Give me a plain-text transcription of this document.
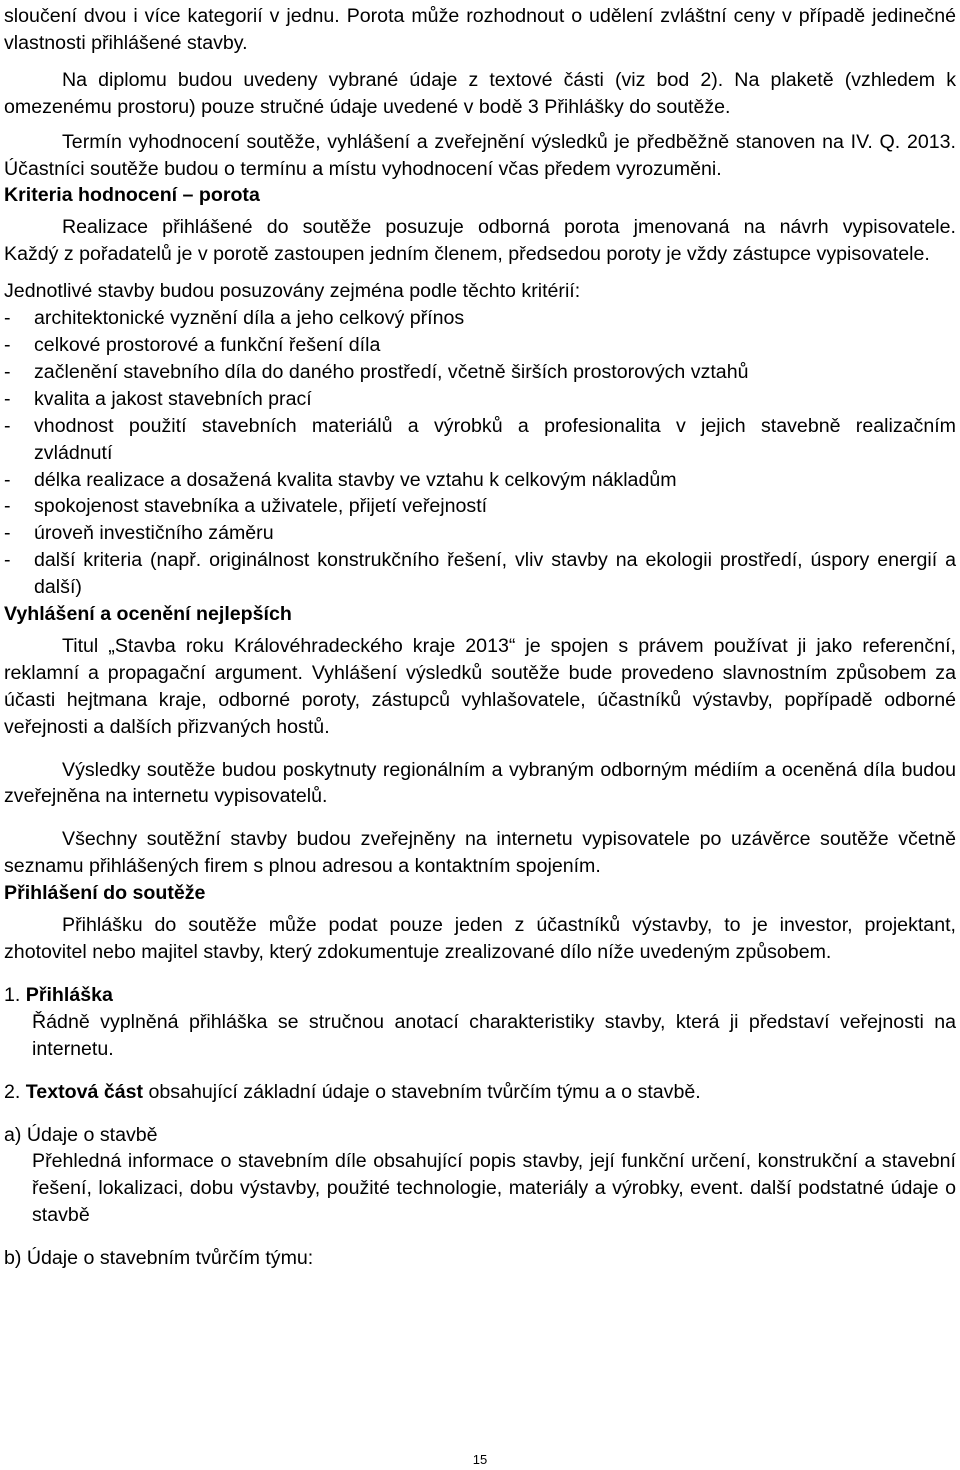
sloučení dvou i více kategorií v jednu. Porota může rozhodnout o udělení zvláštní ceny v případě jedinečné vlastnosti přihlášené stavby.

Na diplomu budou uvedeny vybrané údaje z textové části (viz bod 2). Na plaketě (vzhledem k omezenému prostoru) pouze stručné údaje uvedené v bodě 3 Přihlášky do soutěže.

Termín vyhodnocení soutěže, vyhlášení a zveřejnění výsledků je předběžně stanoven na IV. Q. 2013. Účastníci soutěže budou o termínu a místu vyhodnocení včas předem vyrozuměni.

Kriteria hodnocení – porota

Realizace přihlášené do soutěže posuzuje odborná porota jmenovaná na návrh vypisovatele. Každý z pořadatelů je v porotě zastoupen jedním členem, předsedou poroty je vždy zástupce vypisovatele.

Jednotlivé stavby budou posuzovány zejména podle těchto kritérií:

- architektonické vyznění díla a jeho celkový přínos
- celkové prostorové a funkční řešení díla
- začlenění stavebního díla do daného prostředí, včetně širších prostorových vztahů
- kvalita a jakost stavebních prací
- vhodnost použití stavebních materiálů a výrobků a profesionalita v jejich stavebně realizačním zvládnutí
- délka realizace a dosažená kvalita stavby ve vztahu k celkovým nákladům
- spokojenost stavebníka a uživatele, přijetí veřejností
- úroveň investičního záměru
- další kriteria (např. originálnost konstrukčního řešení, vliv stavby na ekologii prostředí, úspory energií a další)

Vyhlášení a ocenění nejlepších

Titul „Stavba roku Královéhradeckého kraje 2013“ je spojen s právem používat ji jako referenční, reklamní a propagační argument. Vyhlášení výsledků soutěže bude provedeno slavnostním způsobem za účasti hejtmana kraje, odborné poroty, zástupců vyhlašovatele, účastníků výstavby, popřípadě odborné veřejnosti a dalších přizvaných hostů.

Výsledky soutěže budou poskytnuty regionálním a vybraným odborným médiím a oceněná díla budou zveřejněna na internetu vypisovatelů.

Všechny soutěžní stavby budou zveřejněny na internetu vypisovatele po uzávěrce soutěže včetně seznamu přihlášených firem s plnou adresou a kontaktním spojením.

Přihlášení do soutěže

Přihlášku do soutěže může podat pouze jeden z účastníků výstavby, to je investor, projektant, zhotovitel nebo majitel stavby, který zdokumentuje zrealizované dílo níže uvedeným způsobem.

1. Přihláška

Řádně vyplněná přihláška se stručnou anotací charakteristiky stavby, která ji představí veřejnosti na internetu.

2. Textová část obsahující základní údaje o stavebním tvůrčím týmu a o stavbě.

a) Údaje o stavbě

Přehledná informace o stavebním díle obsahující popis stavby, její funkční určení, konstrukční a stavební řešení, lokalizaci, dobu výstavby, použité technologie, materiály a výrobky, event. další podstatné údaje o stavbě

b) Údaje o stavebním tvůrčím týmu:

15
